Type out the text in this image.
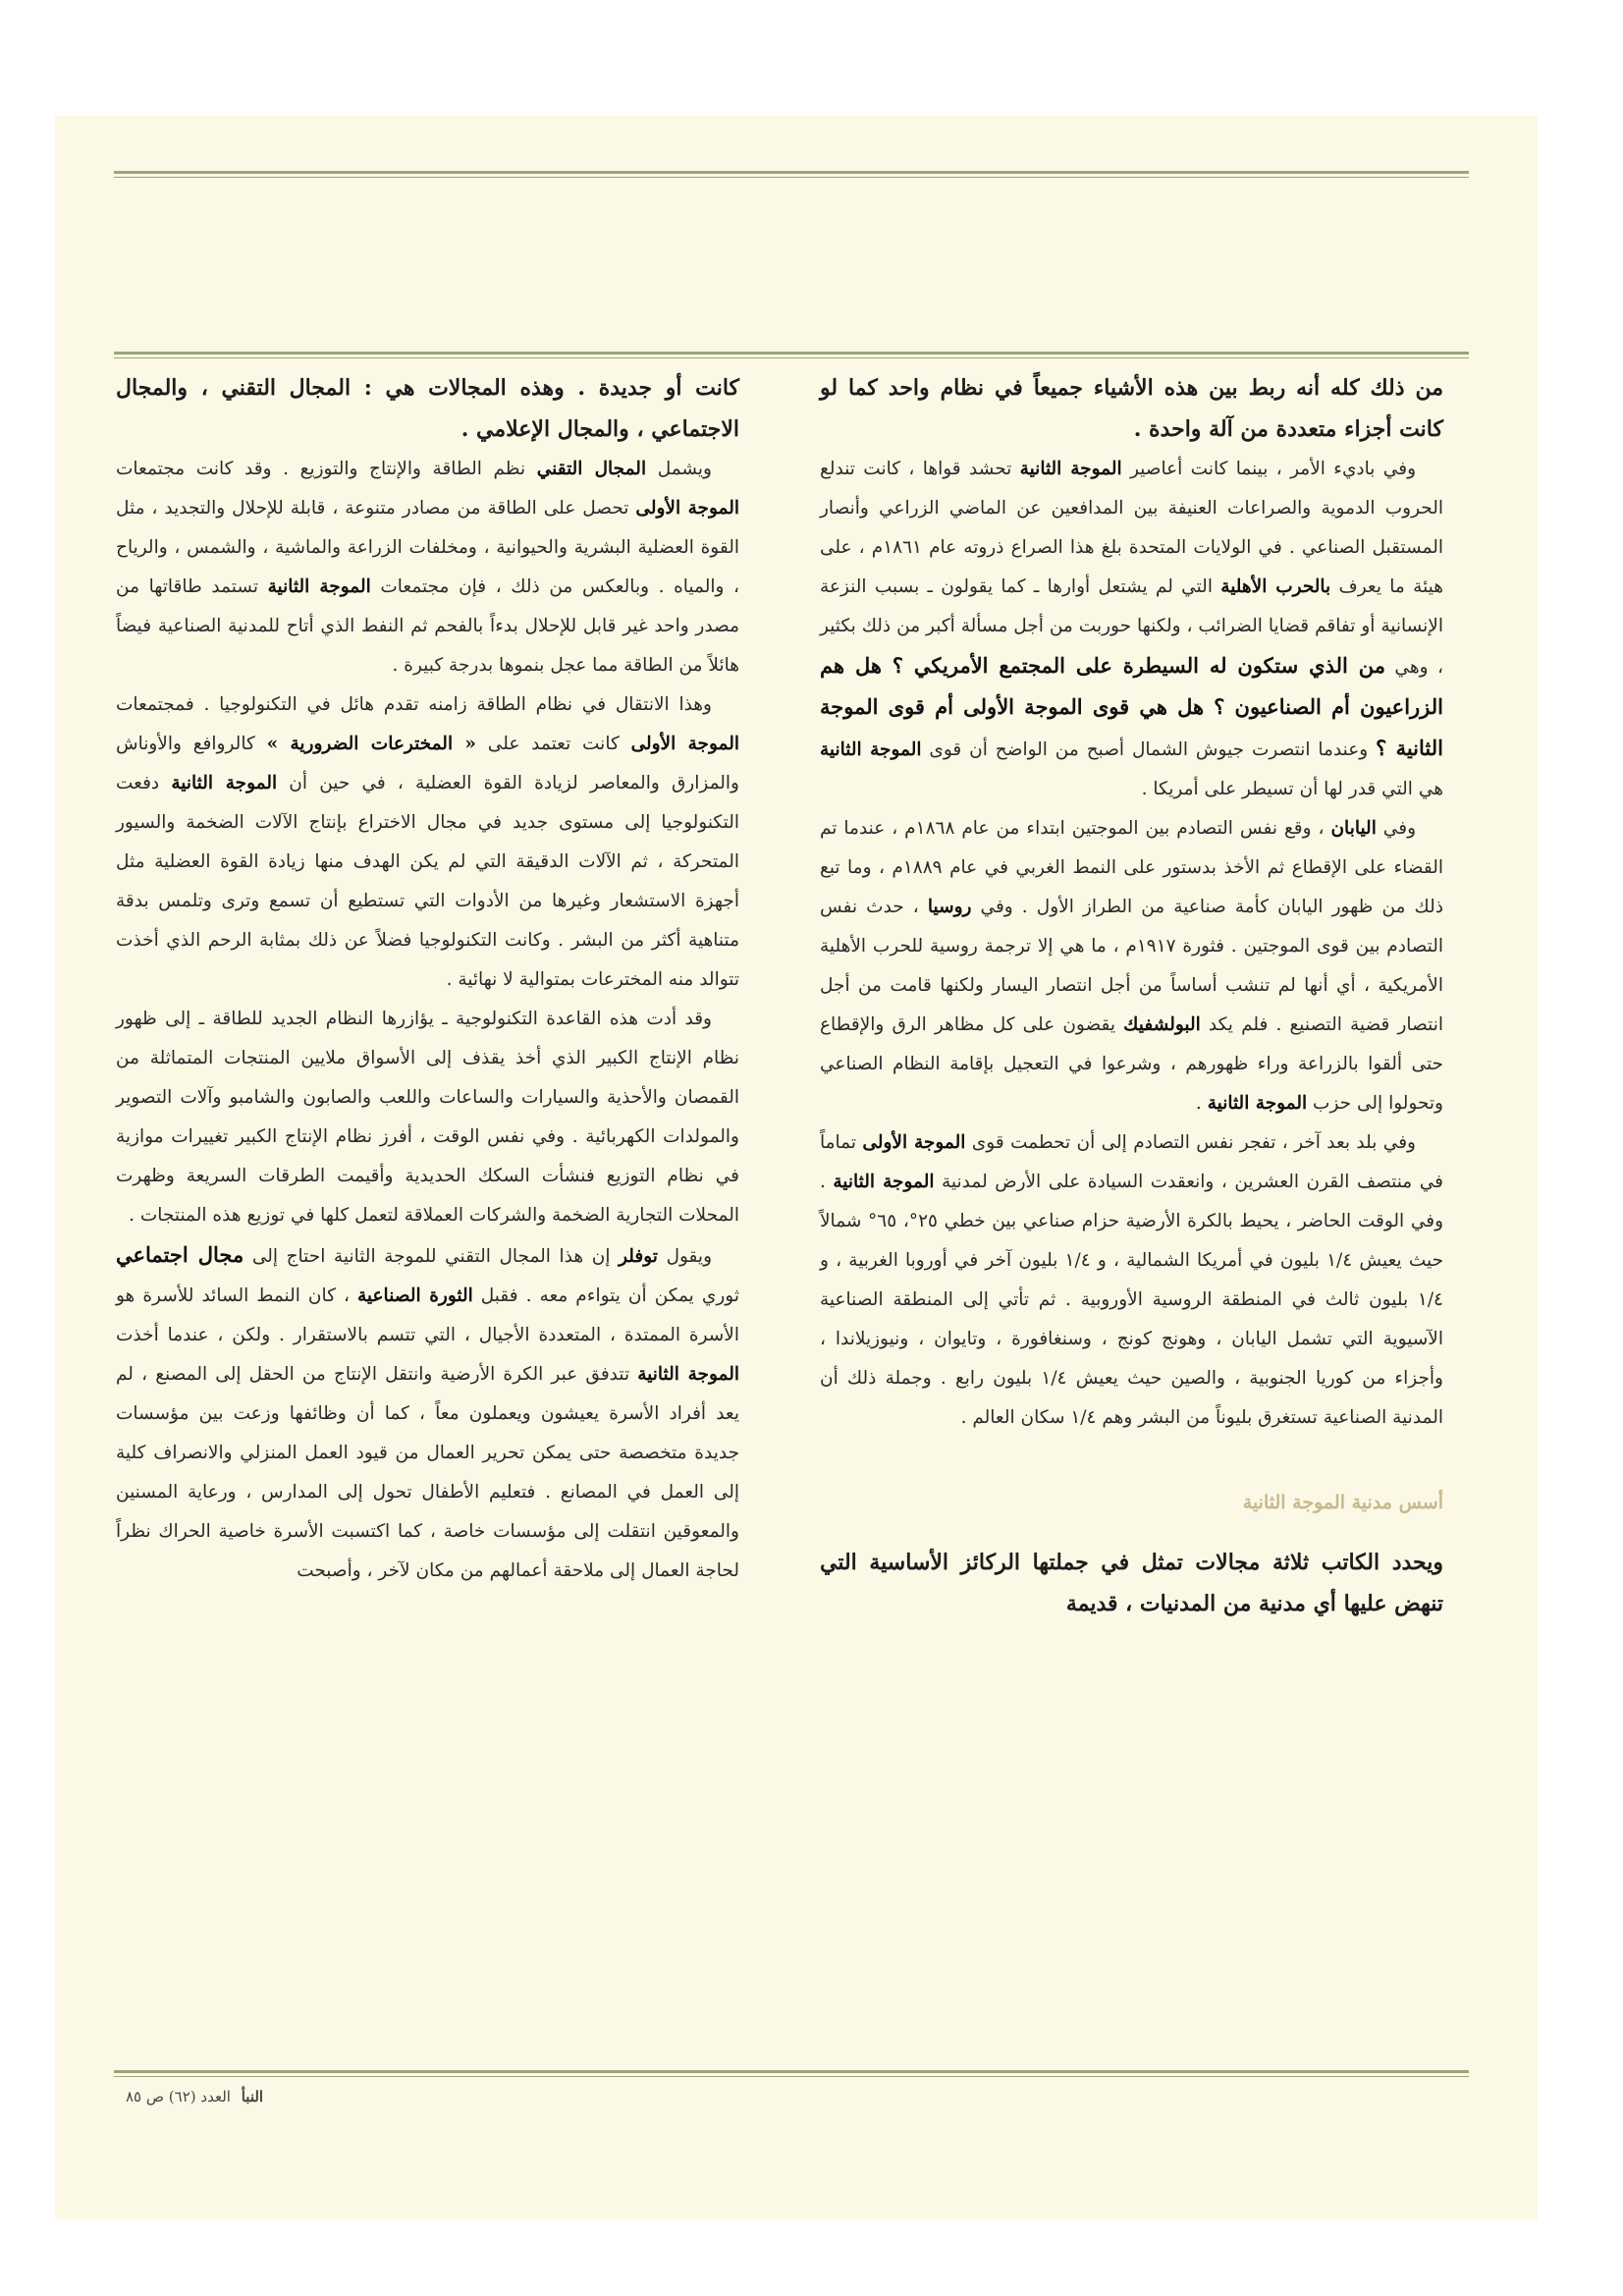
من ذلك كله أنه ربط بين هذه الأشياء جميعاً في نظام واحد كما لو كانت أجزاء متعددة من آلة واحدة .

وفي باديء الأمر ، بينما كانت أعاصير الموجة الثانية تحشد قواها ، كانت تندلع الحروب الدموية والصراعات العنيفة بين المدافعين عن الماضي الزراعي وأنصار المستقبل الصناعي . في الولايات المتحدة بلغ هذا الصراع ذروته عام ١٨٦١م ، على هيئة ما يعرف بالحرب الأهلية التي لم يشتعل أوارها ـ كما يقولون ـ بسبب النزعة الإنسانية أو تفاقم قضايا الضرائب ، ولكنها حوربت من أجل مسألة أكبر من ذلك بكثير ، وهي من الذي ستكون له السيطرة على المجتمع الأمريكي ؟ هل هم الزراعيون أم الصناعيون ؟ هل هي قوى الموجة الأولى أم قوى الموجة الثانية ؟ وعندما انتصرت جيوش الشمال أصبح من الواضح أن قوى الموجة الثانية هي التي قدر لها أن تسيطر على أمريكا .

وفي اليابان ، وقع نفس التصادم بين الموجتين ابتداء من عام ١٨٦٨م ، عندما تم القضاء على الإقطاع ثم الأخذ بدستور على النمط الغربي في عام ١٨٨٩م ، وما تبع ذلك من ظهور اليابان كأمة صناعية من الطراز الأول . وفي روسيا ، حدث نفس التصادم بين قوى الموجتين . فثورة ١٩١٧م ، ما هي إلا ترجمة روسية للحرب الأهلية الأمريكية ، أي أنها لم تنشب أساساً من أجل انتصار اليسار ولكنها قامت من أجل انتصار قضية التصنيع . فلم يكد البولشفيك يقضون على كل مظاهر الرق والإقطاع حتى ألقوا بالزراعة وراء ظهورهم ، وشرعوا في التعجيل بإقامة النظام الصناعي وتحولوا إلى حزب الموجة الثانية .

وفي بلد بعد آخر ، تفجر نفس التصادم إلى أن تحطمت قوى الموجة الأولى تماماً في منتصف القرن العشرين ، وانعقدت السيادة على الأرض لمدنية الموجة الثانية . وفي الوقت الحاضر ، يحيط بالكرة الأرضية حزام صناعي بين خطي ٢٥°، ٦٥° شمالاً حيث يعيش ١/٤ بليون في أمريكا الشمالية ، و ١/٤ بليون آخر في أوروبا الغربية ، و ١/٤ بليون ثالث في المنطقة الروسية الأوروبية . ثم تأتي إلى المنطقة الصناعية الآسيوية التي تشمل اليابان ، وهونج كونج ، وسنغافورة ، وتايوان ، ونيوزيلاندا ، وأجزاء من كوريا الجنوبية ، والصين حيث يعيش ١/٤ بليون رابع . وجملة ذلك أن المدنية الصناعية تستغرق بليوناً من البشر وهم ١/٤ سكان العالم .

أسس مدنية الموجة الثانية

ويحدد الكاتب ثلاثة مجالات تمثل في جملتها الركائز الأساسية التي تنهض عليها أي مدنية من المدنيات ، قديمة

كانت أو جديدة . وهذه المجالات هي : المجال التقني ، والمجال الاجتماعي ، والمجال الإعلامي .

ويشمل المجال التقني نظم الطاقة والإنتاج والتوزيع . وقد كانت مجتمعات الموجة الأولى تحصل على الطاقة من مصادر متنوعة ، قابلة للإحلال والتجديد ، مثل القوة العضلية البشرية والحيوانية ، ومخلفات الزراعة والماشية ، والشمس ، والرياح ، والمياه . وبالعكس من ذلك ، فإن مجتمعات الموجة الثانية تستمد طاقاتها من مصدر واحد غير قابل للإحلال بدءاً بالفحم ثم النفط الذي أتاح للمدنية الصناعية فيضاً هائلاً من الطاقة مما عجل بنموها بدرجة كبيرة .

وهذا الانتقال في نظام الطاقة زامنه تقدم هائل في التكنولوجيا . فمجتمعات الموجة الأولى كانت تعتمد على « المخترعات الضرورية » كالروافع والأوناش والمزارق والمعاصر لزيادة القوة العضلية ، في حين أن الموجة الثانية دفعت التكنولوجيا إلى مستوى جديد في مجال الاختراع بإنتاج الآلات الضخمة والسيور المتحركة ، ثم الآلات الدقيقة التي لم يكن الهدف منها زيادة القوة العضلية مثل أجهزة الاستشعار وغيرها من الأدوات التي تستطيع أن تسمع وترى وتلمس بدقة متناهية أكثر من البشر . وكانت التكنولوجيا فضلاً عن ذلك بمثابة الرحم الذي أخذت تتوالد منه المخترعات بمتوالية لا نهائية .

وقد أدت هذه القاعدة التكنولوجية ـ يؤازرها النظام الجديد للطاقة ـ إلى ظهور نظام الإنتاج الكبير الذي أخذ يقذف إلى الأسواق ملايين المنتجات المتماثلة من القمصان والأحذية والسيارات والساعات واللعب والصابون والشامبو وآلات التصوير والمولدات الكهربائية . وفي نفس الوقت ، أفرز نظام الإنتاج الكبير تغييرات موازية في نظام التوزيع فنشأت السكك الحديدية وأقيمت الطرقات السريعة وظهرت المحلات التجارية الضخمة والشركات العملاقة لتعمل كلها في توزيع هذه المنتجات .

ويقول توفلر إن هذا المجال التقني للموجة الثانية احتاج إلى مجال اجتماعي ثوري يمكن أن يتواءم معه . فقبل الثورة الصناعية ، كان النمط السائد للأسرة هو الأسرة الممتدة ، المتعددة الأجيال ، التي تتسم بالاستقرار . ولكن ، عندما أخذت الموجة الثانية تتدفق عبر الكرة الأرضية وانتقل الإنتاج من الحقل إلى المصنع ، لم يعد أفراد الأسرة يعيشون ويعملون معاً ، كما أن وظائفها وزعت بين مؤسسات جديدة متخصصة حتى يمكن تحرير العمال من قيود العمل المنزلي والانصراف كلية إلى العمل في المصانع . فتعليم الأطفال تحول إلى المدارس ، ورعاية المسنين والمعوقين انتقلت إلى مؤسسات خاصة ، كما اكتسبت الأسرة خاصية الحراك نظراً لحاجة العمال إلى ملاحقة أعمالهم من مكان لآخر ، وأصبحت

النبأ العدد (٦٢) ص ٨٥
